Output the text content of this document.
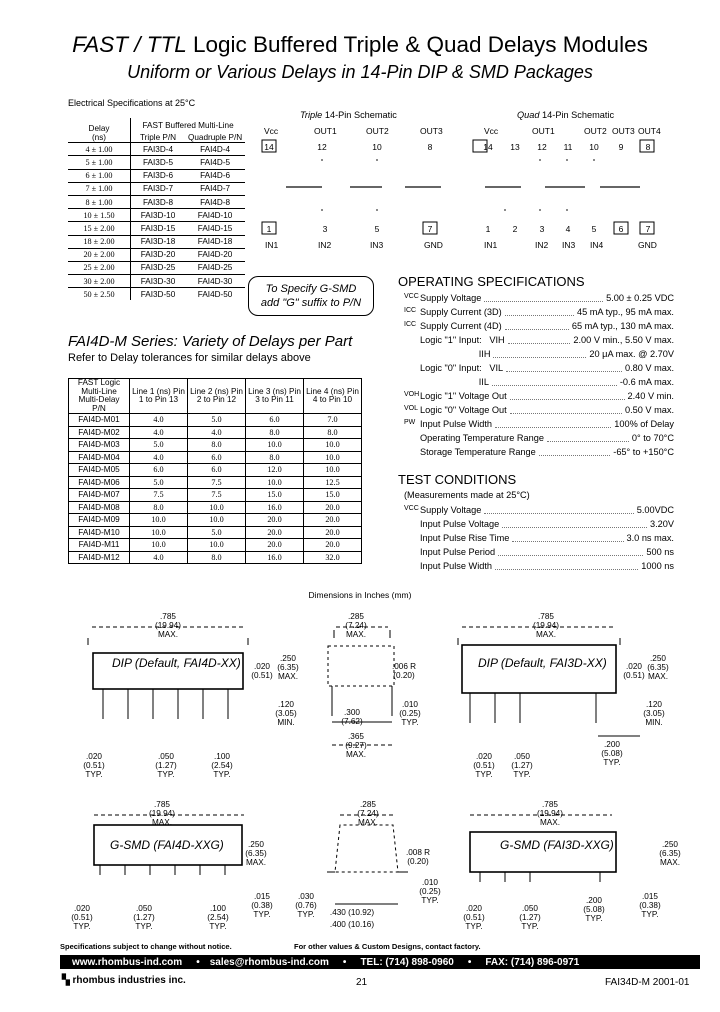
FAST / TTL Logic Buffered Triple & Quad Delays Modules
Uniform or Various Delays in 14-Pin DIP & SMD Packages
Electrical Specifications at 25°C
Delay
(ns)	FAST Buffered Multi-Line	
	Triple P/N	Quadruple P/N
4 ± 1.00	FAI3D-4	FAI4D-4
5 ± 1.00	FAI3D-5	FAI4D-5
6 ± 1.00	FAI3D-6	FAI4D-6
7 ± 1.00	FAI3D-7	FAI4D-7
8 ± 1.00	FAI3D-8	FAI4D-8
10 ± 1.50	FAI3D-10	FAI4D-10
15 ± 2.00	FAI3D-15	FAI4D-15
18 ± 2.00	FAI3D-18	FAI4D-18
20 ± 2.00	FAI3D-20	FAI4D-20
25 ± 2.00	FAI3D-25	FAI4D-25
30 ± 2.00	FAI3D-30	FAI4D-30
50 ± 2.50	FAI3D-50	FAI4D-50	To Specify G-SMD
add "G" suffix to P/N
Triple 14-Pin Schematic
Vcc	OUT1	OUT2	OUT3
14	12	10	8
1	3	5	7
IN1	IN2	IN3	GND
Quad 14-Pin Schematic
Vcc	OUT1	OUT2 OUT3 OUT4
14 13 12	11	10	9	8
1	2	3	4	5	6	7
IN1	IN2 IN3 IN4	GND
OPERATING SPECIFICATIONS
VCC Supply Voltage	5.00 ± 0.25 VDC
ICC Supply Current (3D)	45 mA typ., 95 mA max.
ICC Supply Current (4D)	65 mA typ., 130 mA max.
Logic "1" Input:   VIH	2.00 V min., 5.50 V max.
IIH	20 μA max. @ 2.70V
Logic "0" Input:   VIL	0.80 V max.
IIL	-0.6 mA max.
VOH Logic "1" Voltage Out	2.40 V min.
VOL Logic "0" Voltage Out	0.50 V max.
PW Input Pulse Width	100% of Delay
Operating Temperature Range	0° to 70°C
Storage Temperature Range	-65° to +150°C
TEST CONDITIONS
(Measurements made at 25°C)
VCC Supply Voltage	5.00VDC
Input Pulse Voltage	3.20V
Input Pulse Rise Time	3.0 ns max.
Input Pulse Period	500 ns
Input Pulse Width	1000 ns
FAI4D-M Series: Variety of Delays per Part
Refer to Delay tolerances for similar delays above
FAST Logic Multi-Line Multi-Delay P/N	Line 1 (ns) Pin 1 to Pin 13	Line 2 (ns) Pin 2 to Pin 12	Line 3 (ns) Pin 3 to Pin 11	Line 4 (ns) Pin 4 to Pin 10
FAI4D-M01	4.0	5.0	6.0	7.0
FAI4D-M02	4.0	4.0	8.0	8.0
FAI4D-M03	5.0	8.0	10.0	10.0
FAI4D-M04	4.0	6.0	8.0	10.0
FAI4D-M05	6.0	6.0	12.0	10.0
FAI4D-M06	5.0	7.5	10.0	12.5
FAI4D-M07	7.5	7.5	15.0	15.0
FAI4D-M08	8.0	10.0	16.0	20.0
FAI4D-M09	10.0	10.0	20.0	20.0
FAI4D-M10	10.0	5.0	20.0	20.0
FAI4D-M11	10.0	10.0	20.0	20.0
FAI4D-M12	4.0	8.0	16.0	32.0
Dimensions in Inches (mm)
DIP (Default, FAI4D-XX)	DIP (Default, FAI3D-XX)
G-SMD (FAI4D-XXG)	G-SMD (FAI3D-XXG)
.785
(19.94)
MAX.
.285
(7.24)
MAX.
.250
(6.35)
MAX.
.020
(0.51)
.006 R
(0.20)
.120
(3.05)
MIN.
.300
(7.62)
.010
(0.25)
TYP.
.365
(9.27)
MAX.
.020
(0.51)
TYP.
.050
(1.27)
TYP.
.100
(2.54)
TYP.
.785
(19.94)
MAX.
.250
(6.35)
MAX.
.020
(0.51)
.120
(3.05)
MIN.
.200
(5.08)
TYP.
.020
(0.51)
TYP.
.050
(1.27)
TYP.
.785
(19.94)
MAX.
.285
(7.24)
MAX.
.250
(6.35)
MAX.
.008 R
(0.20)
.010
(0.25)
TYP.
.015
(0.38)
TYP.
.030
(0.76)
TYP.
.020
(0.51)
TYP.
.050
(1.27)
TYP.
.100
(2.54)
TYP.
.430 (10.92)
.400 (10.16)
.785
(19.94)
MAX.
.250
(6.35)
MAX.
.015
(0.38)
TYP.
.200
(5.08)
TYP.
.020
(0.51)
TYP.
.050
(1.27)
TYP.
Specifications subject to change without notice.	For other values & Custom Designs, contact factory.
www.rhombus-ind.com • sales@rhombus-ind.com • TEL: (714) 898-0960 • FAX: (714) 896-0971
▚ rhombus industries inc.	21	FAI34D-M 2001-01
